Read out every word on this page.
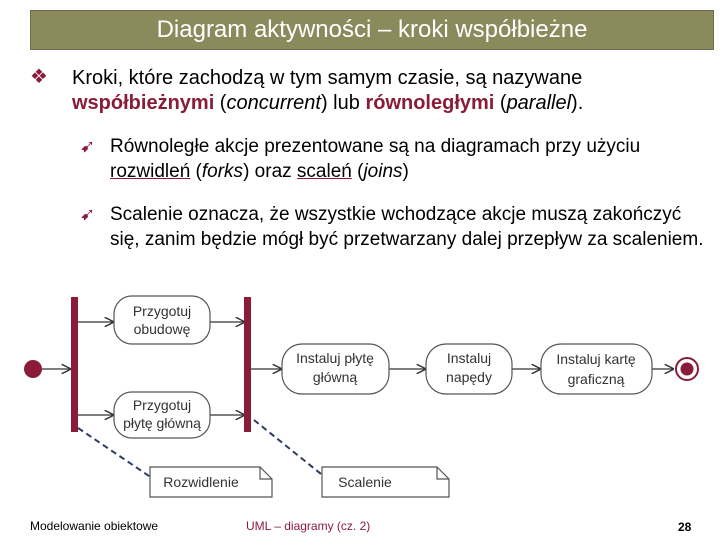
Diagram aktywności – kroki współbieżne
❖ Kroki, które zachodzą w tym samym czasie, są nazywane współbieżnymi (concurrent) lub równoległymi (parallel).
➹ Równoległe akcje prezentowane są na diagramach przy użyciu rozwidleń (forks) oraz scaleń (joins)
➹ Scalenie oznacza, że wszystkie wchodzące akcje muszą zakończyć się, zanim będzie mógł być przetwarzany dalej przepływ za scaleniem.
Przygotuj
obudowę
Przygotuj
płytę główną
Instaluj płytę
główną
Instaluj
napędy
Instaluj kartę
graficzną
Rozwidlenie	Scalenie
Modelowanie obiektowe	UML – diagramy (cz. 2)	28
